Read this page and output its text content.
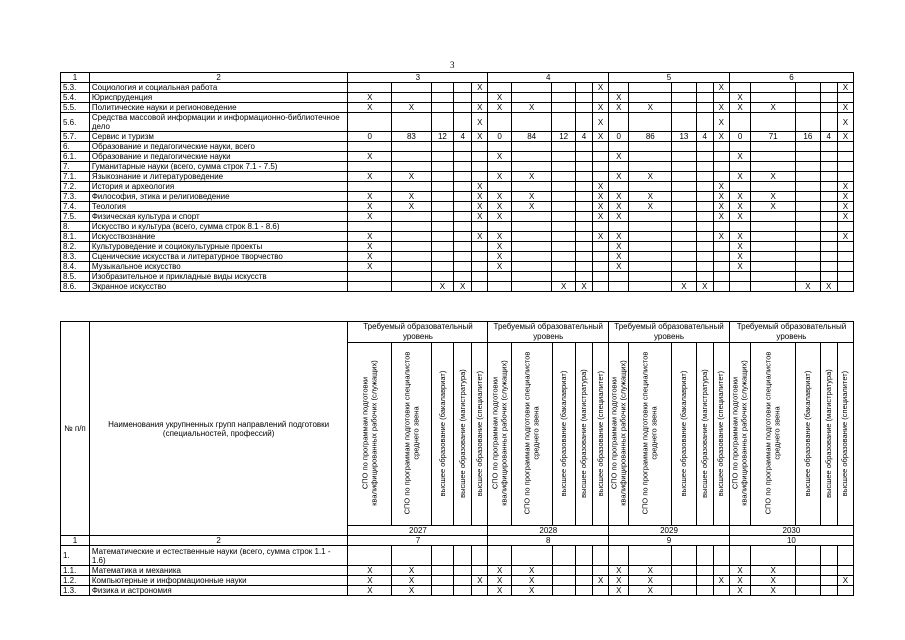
3
1	2	3					4					5					6				
5.3.	Социология и социальная работа					X					X					X					X
5.4.	Юриспруденция	X					X					X					X				
5.5.	Политические науки и регионоведение	X	X			X	X	X			X	X	X			X	X	X			X
5.6.	Средства массовой информации и информационно-библиотечное дело					X					X					X					X
5.7.	Сервис и туризм	0	83	12	4	X	0	84	12	4	X	0	86	13	4	X	0	71	16	4	X
6.	Образование и педагогические науки, всего																				
6.1.	Образование и педагогические науки	X					X					X					X				
7.	Гуманитарные науки (всего, сумма строк 7.1 - 7.5)																				
7.1.	Языкознание и литературоведение	X	X				X	X				X	X				X	X			
7.2.	История и археология					X					X					X					X
7.3.	Философия, этика и религиоведение	X	X			X	X	X			X	X	X			X	X	X			X
7.4.	Теология	X	X			X	X	X			X	X	X			X	X	X			X
7.5.	Физическая культура и спорт	X				X	X				X	X				X	X				X
8.	Искусство и культура (всего, сумма строк 8.1 - 8.6)																				
8.1.	Искусствознание	X				X	X				X	X				X	X				X
8.2.	Культуроведение и социокультурные проекты	X					X					X					X				
8.3.	Сценические искусства и литературное творчество	X					X					X					X				
8.4.	Музыкальное искусство	X					X					X					X				
8.5.	Изобразительное и прикладные виды искусств																				
8.6.	Экранное искусство			X	X				X	X				X	X				X	X	
№ п/п	Наименования укрупненных групп направлений подготовки (специальностей, профессий)	Требуемый образовательный уровень					Требуемый образовательный уровень					Требуемый образовательный уровень					Требуемый образовательный уровень				

		СПО по программам подготовки квалифицированных рабочих (служащих)	СПО по программам подготовки специалистов среднего звена	высшее образование (бакалавриат)	высшее образование (магистратура)	высшее образование (специалитет)	СПО по программам подготовки квалифицированных рабочих (служащих)	СПО по программам подготовки специалистов среднего звена	высшее образование (бакалавриат)	высшее образование (магистратура)	высшее образование (специалитет)	СПО по программам подготовки квалифицированных рабочих (служащих)	СПО по программам подготовки специалистов среднего звена	высшее образование (бакалавриат)	высшее образование (магистратура)	высшее образование (специалитет)	СПО по программам подготовки квалифицированных рабочих (служащих)	СПО по программам подготовки специалистов среднего звена	высшее образование (бакалавриат)	высшее образование (магистратура)	высшее образование (специалитет)

		2027					2028					2029					2030				
1	2	7					8					9					10				
1.	Математические и естественные науки (всего, сумма строк 1.1 - 1.6)																				
1.1.	Математика и механика	X	X				X	X				X	X				X	X			
1.2.	Компьютерные и информационные науки	X	X			X	X	X			X	X	X			X	X	X			X
1.3.	Физика и астрономия	X	X				X	X				X	X				X	X			
